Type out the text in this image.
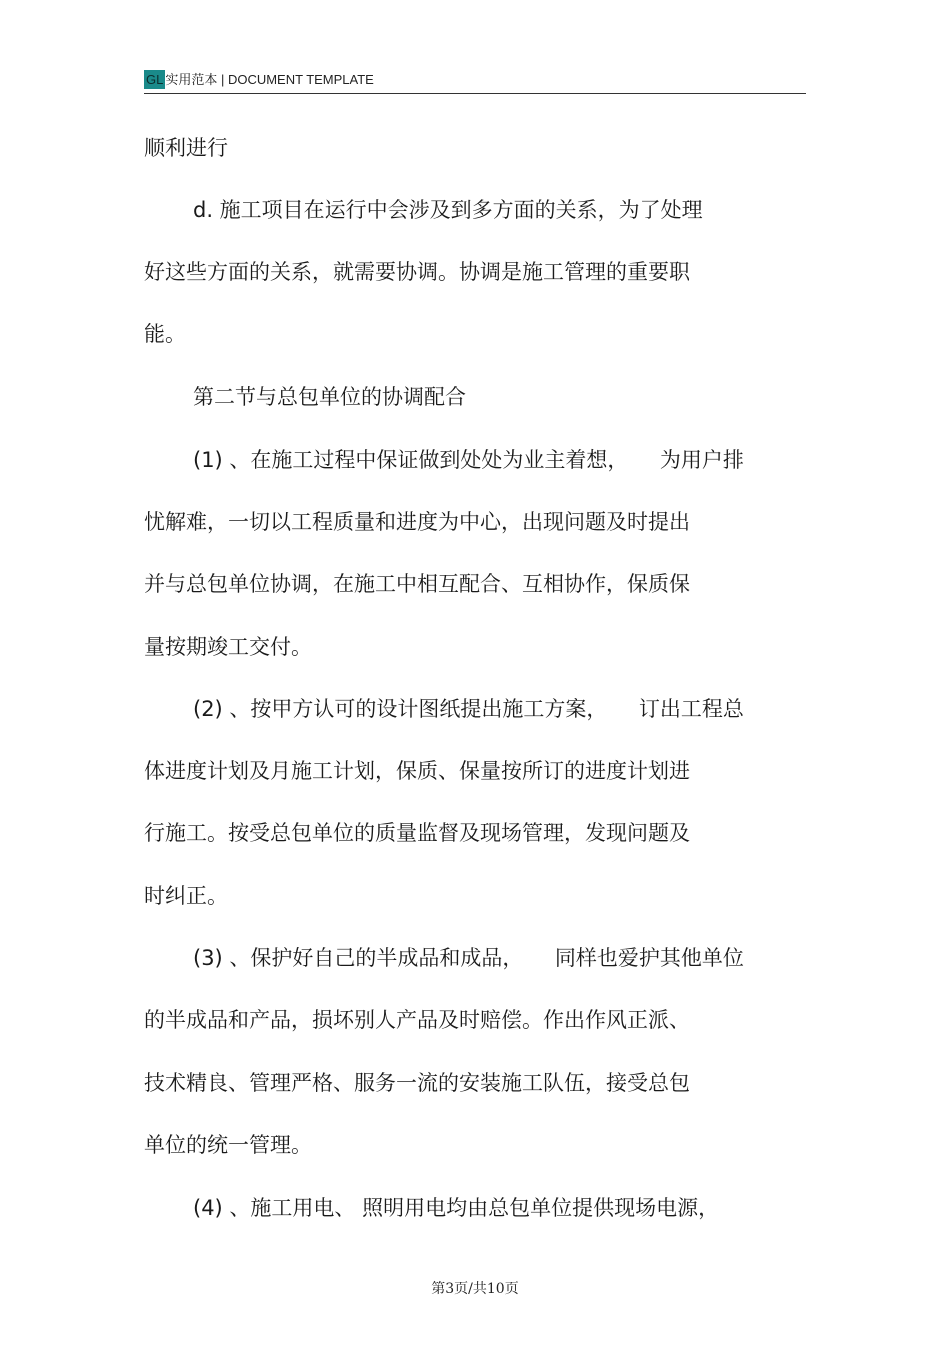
GL 实用范本 | DOCUMENT TEMPLATE
顺利进行
d. 施工项目在运行中会涉及到多方面的关系，为了处理
好这些方面的关系，就需要协调。协调是施工管理的重要职
能。
第二节与总包单位的协调配合
(1) 、在施工过程中保证做到处处为业主着想，　　为用户排
忧解难，一切以工程质量和进度为中心，出现问题及时提出
并与总包单位协调，在施工中相互配合、互相协作，保质保
量按期竣工交付。
(2) 、按甲方认可的设计图纸提出施工方案，　　订出工程总
体进度计划及月施工计划，保质、保量按所订的进度计划进
行施工。按受总包单位的质量监督及现场管理，发现问题及
时纠正。
(3) 、保护好自己的半成品和成品，　　同样也爱护其他单位
的半成品和产品，损坏别人产品及时赔偿。作出作风正派、
技术精良、管理严格、服务一流的安装施工队伍，接受总包
单位的统一管理。
(4) 、施工用电、 照明用电均由总包单位提供现场电源，
第3页/共10页
